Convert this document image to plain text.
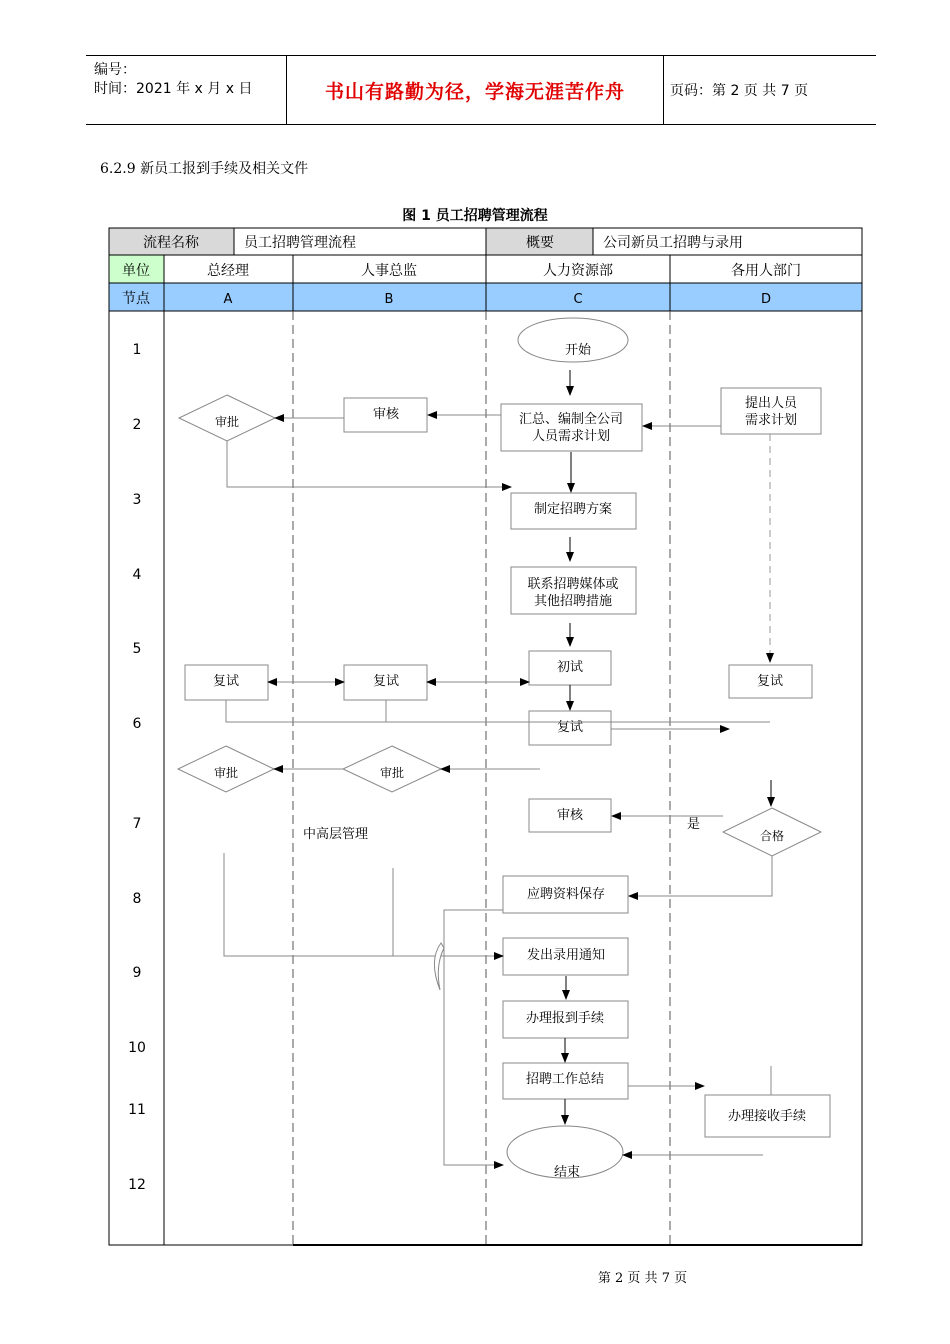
编号：
时间：2021 年 x 月 x 日	书山有路勤为径，学海无涯苦作舟	页码：第 2 页 共 7 页
6.2.9 新员工报到手续及相关文件
图 1 员工招聘管理流程
流程名称	员工招聘管理流程	概要	公司新员工招聘与录用
单位	总经理	人事总监	人力资源部	各用人部门
节点	A	B	C	D
1
2
3
4
5
6
7
8
9
10
11
12
开始
审批	审核	汇总、编制全公司
人员需求计划
提出人员
需求计划
制定招聘方案
联系招聘媒体或
其他招聘措施
初试
复试	复试	复试
复试
审批	审批
审核
合格
是
中高层管理
应聘资料保存
发出录用通知
办理报到手续
招聘工作总结
办理接收手续
结束
第 2 页 共 7 页
